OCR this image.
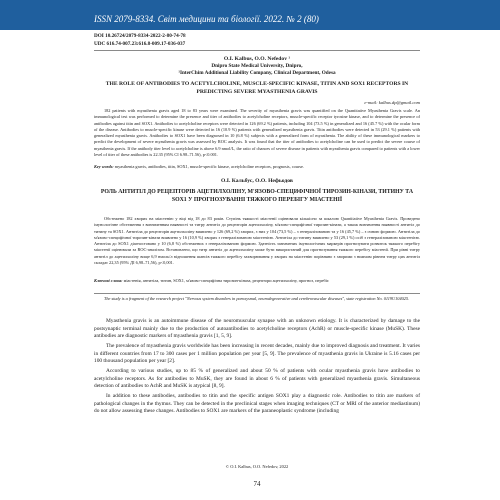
ISSN 2079-8334. Світ медицини та біології. 2022. № 2 (80)
DOI 10.26724/2079-8334-2022-2-80-74-78
UDC 616.74-007.23:616.8-009.17-036-037
O.I. Kalbus, O.O. Nefedov ¹
Dnipro State Medical University, Dnipro,
¹InterChim Additional Liability Company, Clinical Department, Odesa
THE ROLE OF ANTIBODIES TO ACETYLCHOLINE, MUSCLE-SPECIFIC KINASE, TITIN AND SOX1 RECEPTORS IN PREDICTING SEVERE MYASTHENIA GRAVIS
e-mail: kalbus.dp@gmail.com
182 patients with myasthenia gravis aged 18 to 83 years were examined. The severity of myasthenia gravis was quantified on the Quantitative Myasthenia Gravis scale. An immunological test was performed to determine the presence and titer of antibodies to acetylcholine receptors, muscle-specific receptor tyrosine kinase, and to determine the presence of antibodies against titin and SOX1. Antibodies to acetylcholine receptors were detected in 126 (69.2 %) patients, including 104 (73.5 %) in generalized and 16 (45.7 %) with the ocular form of the disease. Antibodies to muscle-specific kinase were detected in 16 (10.9 %) patients with generalized myasthenia gravis. Titin antibodies were detected in 53 (29.1 %) patients with generalized myasthenia gravis. Antibodies to SOX1 have been diagnosed in 10 (6.8 %) subjects with a generalized form of myasthenia. The ability of these immunological markers to predict the development of severe myasthenia gravis was assessed by ROC analysis. It was found that the titer of antibodies to acetylcholine can be used to predict the severe course of myasthenia gravis. If the antibody titer level to acetylcholine is above 6.9 nmol/L, the ratio of chances of severe disease in patients with myasthenia gravis compared to patients with a lower level of titer of these antibodies is 22.35 (95% CI 6.98–71.56), p<0.001.
Key words: myasthenia gravis, antibodies, titin, SOX1, muscle-specific kinase, acetylcholine receptors, prognosis, course.
О.І. Кальбус, О.О. Нефьодов
РОЛЬ АНТИТІЛ ДО РЕЦЕПТОРІВ АЦЕТИЛХОЛІНУ, М'ЯЗОВО-СПЕЦИФІЧНОЇ ТИРОЗИН-КІНАЗИ, ТИТИНУ ТА SOX1 У ПРОГНОЗУВАННІ ТЯЖКОГО ПЕРЕБІГУ МІАСТЕНІЇ
Обстежено 182 хворих на міастенію у віці від 18 до 83 років. Ступінь тяжкості міастенії оцінювали кількісно за шкалою Quantitative Myasthenia Gravis. Проведено імунологічне обстеження з визначенням наявності та титру антитіл до рецепторів ацетилхоліну, м'язово-специфічної тирозин-кінази, а також визначення наявності антитіл до титину та SOX1. Антитіла до рецепторів ацетилхоліну виявлено у 126 (69,2 %) хворих, з них у 104 (73,5 %) – з генералізованою та у 16 (45,7 %) – з очною формою. Антитіла до м'язово-специфічної тирозин-кінази виявлено у 16 (10,9 %) хворих з генералізованою міастенією. Антитіла до титину виявлено у 53 (29,1 %) осіб з генералізованою міастенією. Антитіла до SOX1 діагностовано у 10 (6,8 %) обстежених з генералізованою формою. Здатність зазначених імунологічних маркерів прогнозувати розвиток тяжкого перебігу міастенії оцінювали за ROC-аналізом. Встановлено, що титр антитіл до ацетилхоліну може бути використаний для прогнозування тяжкого перебігу міастенії. При рівні титру антитіл до ацетилхоліну вище 6,9 нмоль/л відношення шансів тяжкого перебігу захворювання у хворих на міастенію порівняно з хворими з нижчим рівнем титру цих антитіл складає 22,35 (95% ДІ 6,98–71,56), p<0,001.
Ключові слова: міастенія, антитіла, титин, SOX1, м'язово-специфічна тирозин-кіназа, рецептори ацетилхоліну, прогноз, перебіг.
The study is a fragment of the research project "Nervous system disorders in paroxysmal, neurodegenerative and cerebrovascular diseases", state registration No. 0119U104025.

Myasthenia gravis is an autoimmune disease of the neuromuscular synapse with an unknown etiology. It is characterized by damage to the postsynaptic terminal mainly due to the production of autoantibodies to acetylcholine receptors (AchR) or muscle-specific kinase (MuSK). These antibodies are diagnostic markers of myasthenia gravis [1, 5, 9].

The prevalence of myasthenia gravis worldwide has been increasing in recent decades, mainly due to improved diagnosis and treatment. It varies in different countries from 17 to 300 cases per 1 million population per year [5, 9]. The prevalence of myasthenia gravis in Ukraine is 5.16 cases per 100 thousand population per year [2].

According to various studies, up to 85 % of generalized and about 50 % of patients with ocular myasthenia gravis have antibodies to acetylcholine receptors. As for antibodies to MuSK, they are found in about 6 % of patients with generalized myasthenia gravis. Simultaneous detection of antibodies to AchR and MuSK is atypical [8, 9].

In addition to these antibodies, antibodies to titin and the specific antigen SOX1 play a diagnostic role. Antibodies to titin are markers of pathological changes in the thymus. They can be detected in the preclinical stages when imaging techniques (CT or MRI of the anterior mediastinum) do not allow assessing these changes. Antibodies to SOX1 are markers of the paraneoplastic syndrome (including

© O.I. Kalbus, O.O. Nefedov, 2022
74
